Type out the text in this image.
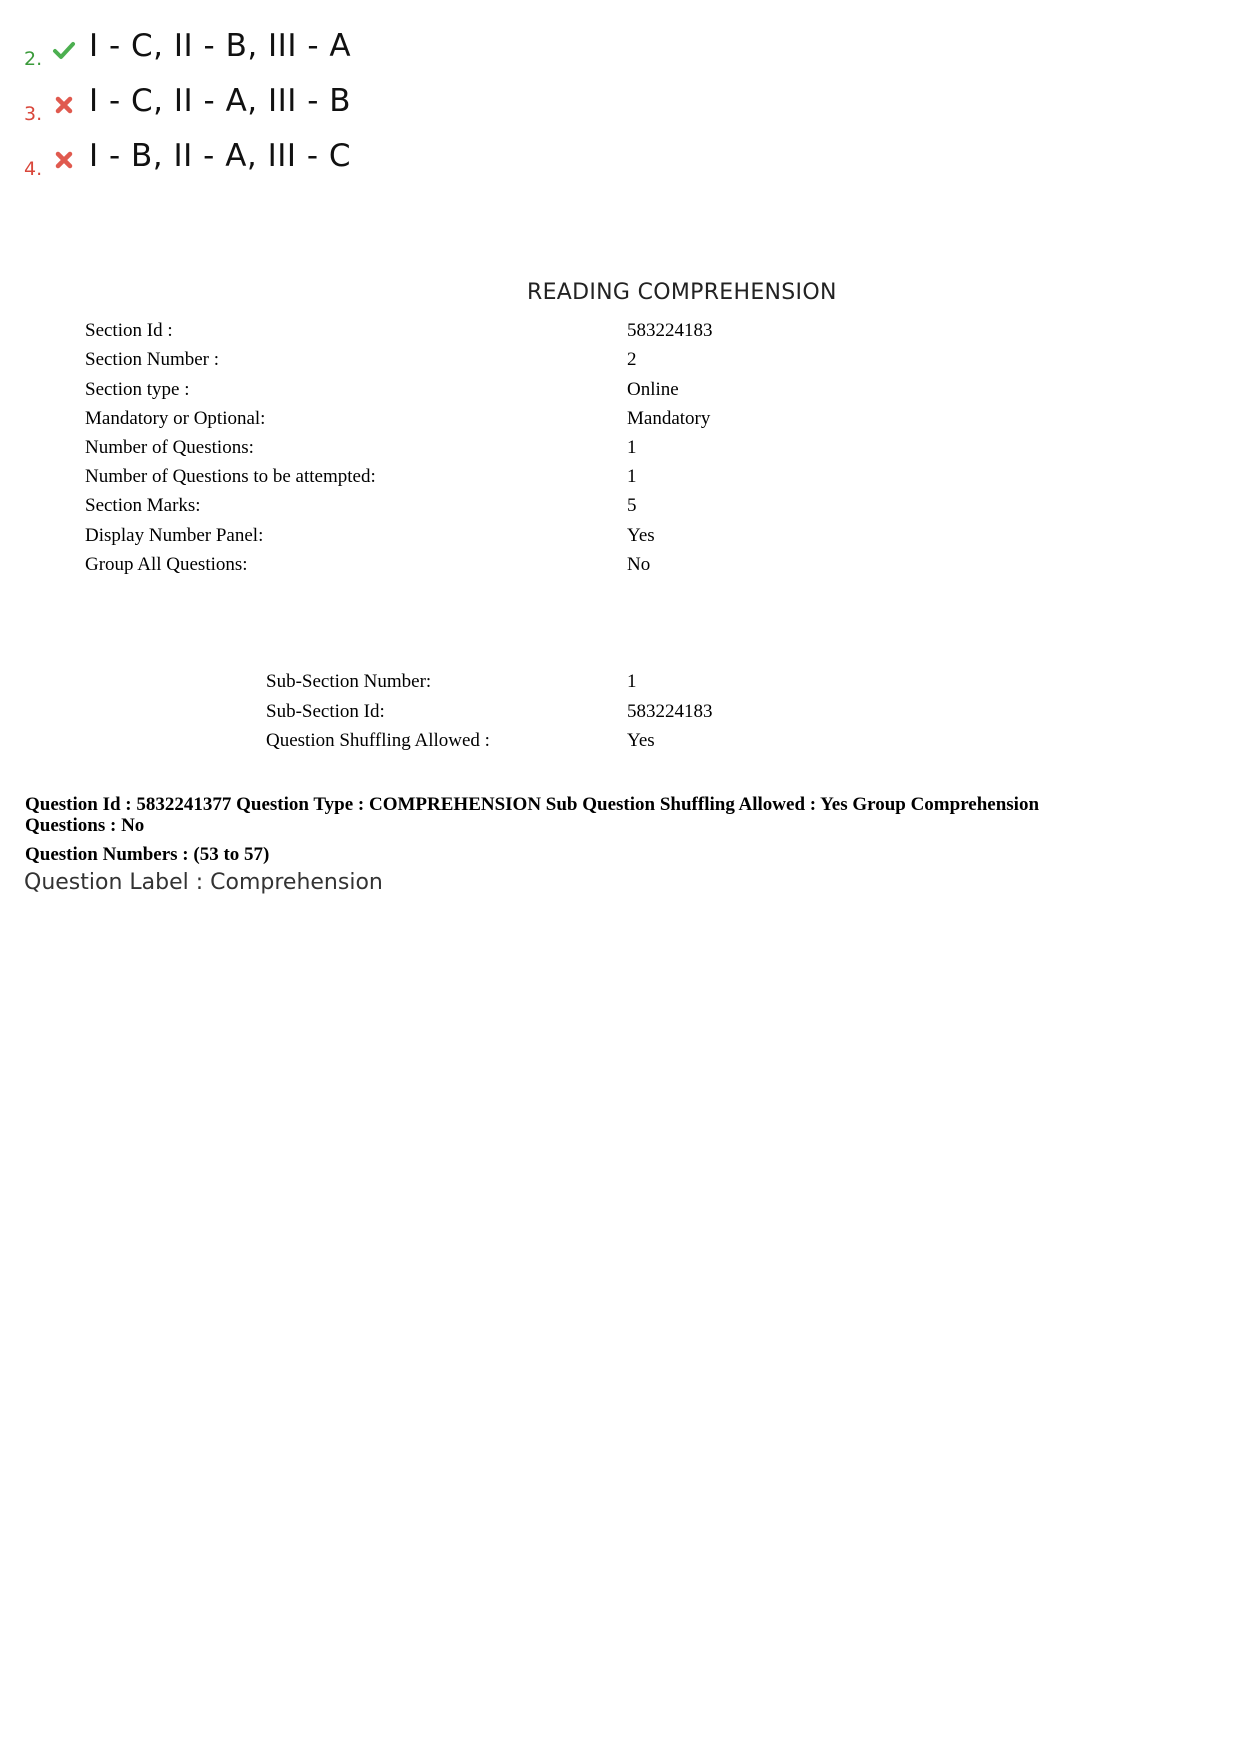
2. I - C, II - B, III - A
3. I - C, II - A, III - B
4. I - B, II - A, III - C
READING COMPREHENSION
Section Id :	583224183
Section Number :	2
Section type :	Online
Mandatory or Optional:	Mandatory
Number of Questions:	1
Number of Questions to be attempted:	1
Section Marks:	5
Display Number Panel:	Yes
Group All Questions:	No
Sub-Section Number:	1
Sub-Section Id:	583224183
Question Shuffling Allowed :	Yes
Question Id : 5832241377 Question Type : COMPREHENSION Sub Question Shuffling Allowed : Yes Group Comprehension
Questions : No
Question Numbers : (53 to 57)
Question Label : Comprehension
